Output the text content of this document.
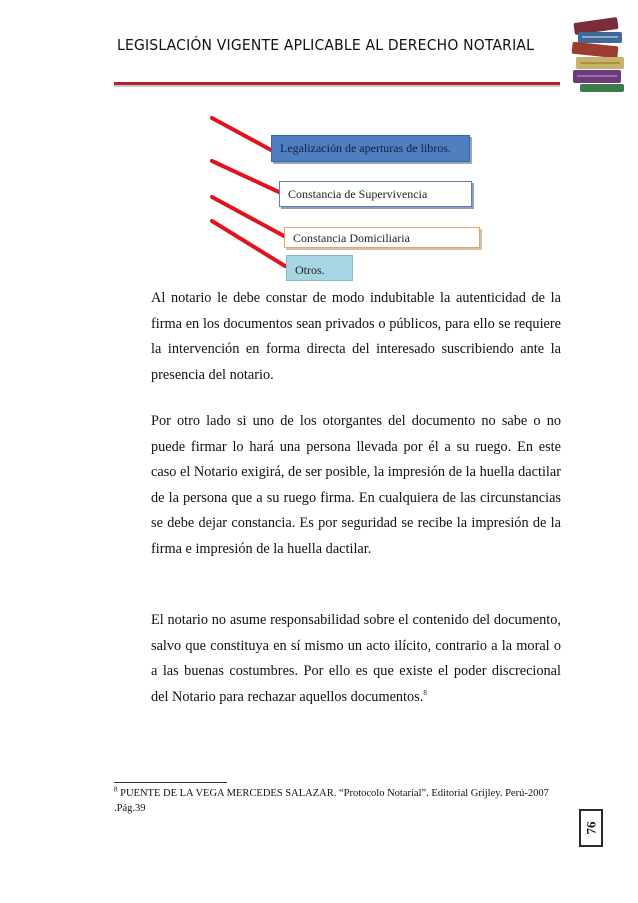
LEGISLACIÓN VIGENTE APLICABLE AL DERECHO NOTARIAL
Legalización de aperturas de libros.
Constancia de Supervivencia
Constancia Domiciliaria
Otros.

Al notario le debe constar de modo indubitable la autenticidad de la firma en los documentos sean privados o públicos, para ello se requiere la intervención en forma directa del interesado suscribiendo ante la presencia del notario.

Por otro lado si uno de los otorgantes del documento no sabe o no puede firmar lo hará una persona llevada por él a su ruego. En este caso el Notario exigirá, de ser posible, la impresión de la huella dactilar de la persona que a su ruego firma. En cualquiera de las circunstancias se debe dejar constancia. Es por seguridad se recibe la impresión de la firma e impresión de la huella dactilar.

El notario no asume responsabilidad sobre el contenido del documento, salvo que constituya en sí mismo un acto ilícito, contrario a la moral o a las buenas costumbres. Por ello es que existe el poder discrecional del Notario para rechazar aquellos documentos.$^8$

$^8$ PUENTE DE LA VEGA MERCEDES SALAZAR. “Protocolo Notarial”. Editorial Grijley. Perú-2007 .Pág.39

76
